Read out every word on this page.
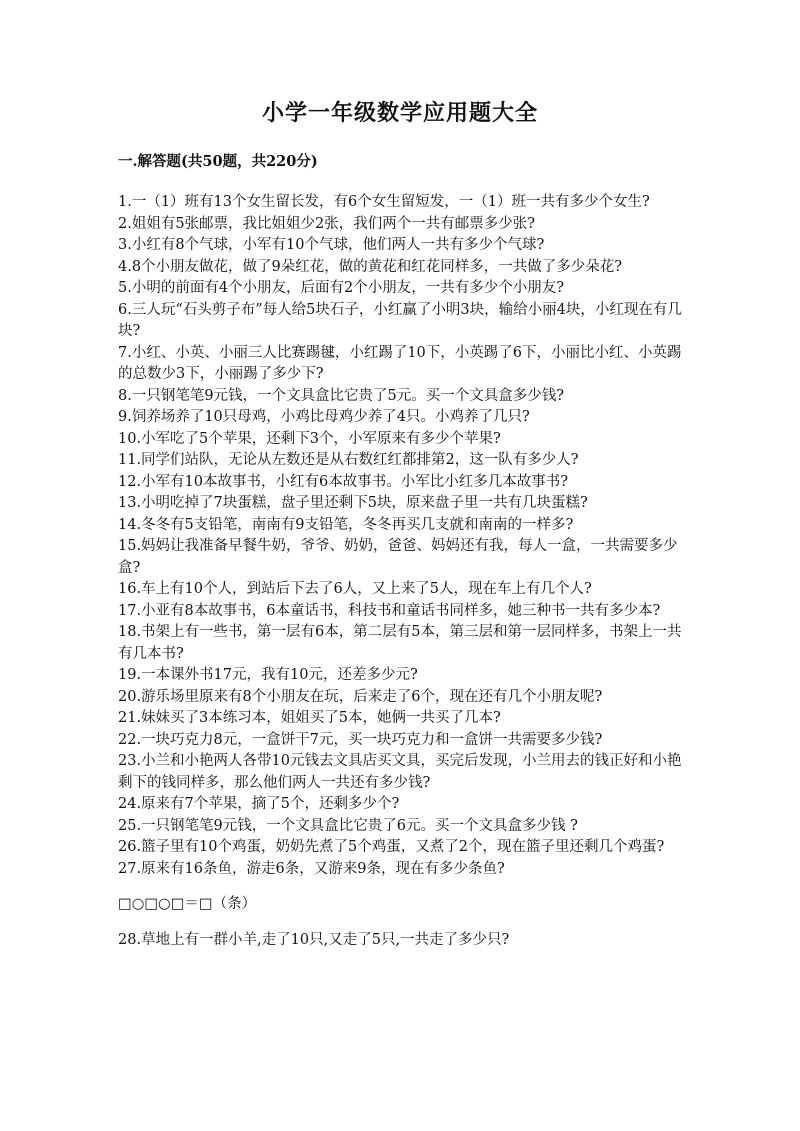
小学一年级数学应用题大全
一.解答题(共50题，共220分)
1.一（1）班有13个女生留长发，有6个女生留短发，一（1）班一共有多少个女生?
2.姐姐有5张邮票，我比姐姐少2张，我们两个一共有邮票多少张?
3.小红有8个气球，小军有10个气球，他们两人一共有多少个气球?
4.8个小朋友做花，做了9朵红花，做的黄花和红花同样多，一共做了多少朵花?
5.小明的前面有4个小朋友，后面有2个小朋友，一共有多少个小朋友?
6.三人玩“石头剪子布”每人给5块石子，小红赢了小明3块，输给小丽4块，小红现在有几块?
7.小红、小英、小丽三人比赛踢毽，小红踢了10下，小英踢了6下，小丽比小红、小英踢的总数少3下，小丽踢了多少下?
8.一只钢笔笔9元钱，一个文具盒比它贵了5元。买一个文具盒多少钱?
9.饲养场养了10只母鸡，小鸡比母鸡少养了4只。小鸡养了几只?
10.小军吃了5个苹果，还剩下3个，小军原来有多少个苹果?
11.同学们站队，无论从左数还是从右数红红都排第2，这一队有多少人?
12.小军有10本故事书，小红有6本故事书。小军比小红多几本故事书?
13.小明吃掉了7块蛋糕，盘子里还剩下5块，原来盘子里一共有几块蛋糕?
14.冬冬有5支铅笔，南南有9支铅笔，冬冬再买几支就和南南的一样多?
15.妈妈让我准备早餐牛奶，爷爷、奶奶，爸爸、妈妈还有我，每人一盒，一共需要多少盒?
16.车上有10个人，到站后下去了6人，又上来了5人，现在车上有几个人?
17.小亚有8本故事书，6本童话书，科技书和童话书同样多，她三种书一共有多少本?
18.书架上有一些书，第一层有6本，第二层有5本，第三层和第一层同样多，书架上一共有几本书?
19.一本课外书17元，我有10元，还差多少元?
20.游乐场里原来有8个小朋友在玩，后来走了6个，现在还有几个小朋友呢?
21.妹妹买了3本练习本，姐姐买了5本，她俩一共买了几本?
22.一块巧克力8元，一盒饼干7元，买一块巧克力和一盒饼一共需要多少钱?
23.小兰和小艳两人各带10元钱去文具店买文具，买完后发现，小兰用去的钱正好和小艳剩下的钱同样多，那么他们两人一共还有多少钱?
24.原来有7个苹果，摘了5个，还剩多少个?
25.一只钢笔笔9元钱，一个文具盒比它贵了6元。买一个文具盒多少钱 ?
26.篮子里有10个鸡蛋，奶奶先煮了5个鸡蛋，又煮了2个，现在篮子里还剩几个鸡蛋?
27.原来有16条鱼，游走6条，又游来9条，现在有多少条鱼?
□○□○□＝□（条）
28.草地上有一群小羊,走了10只,又走了5只,一共走了多少只?
